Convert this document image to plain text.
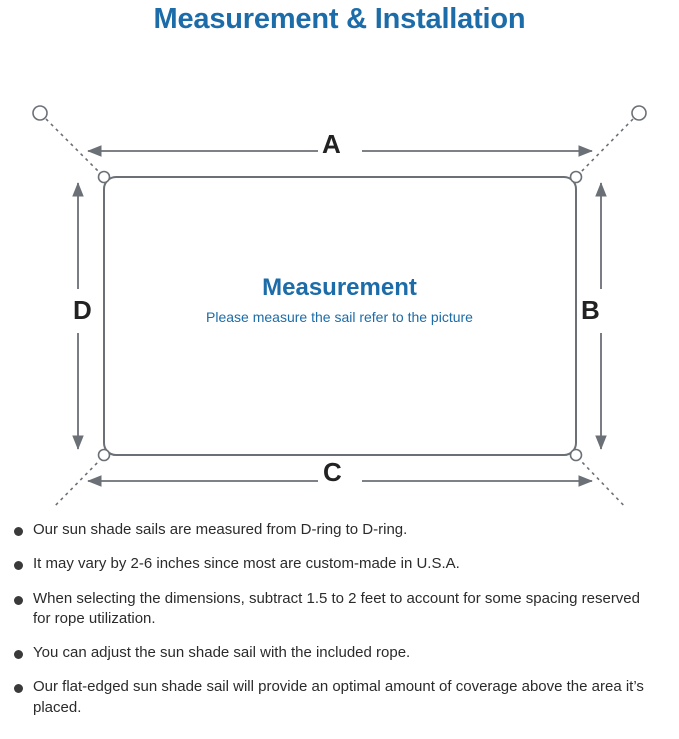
Measurement & Installation
A
B
C
D
Measurement
Please measure the sail refer to the picture
Our sun shade sails are measured from D-ring to D-ring.
It may vary by 2-6 inches since most are custom-made in U.S.A.
When selecting the dimensions, subtract 1.5 to 2 feet to account for some spacing reserved for rope utilization.
You can adjust the sun shade sail with the included rope.
Our flat-edged sun shade sail will provide an optimal amount of coverage above the area it’s placed.
